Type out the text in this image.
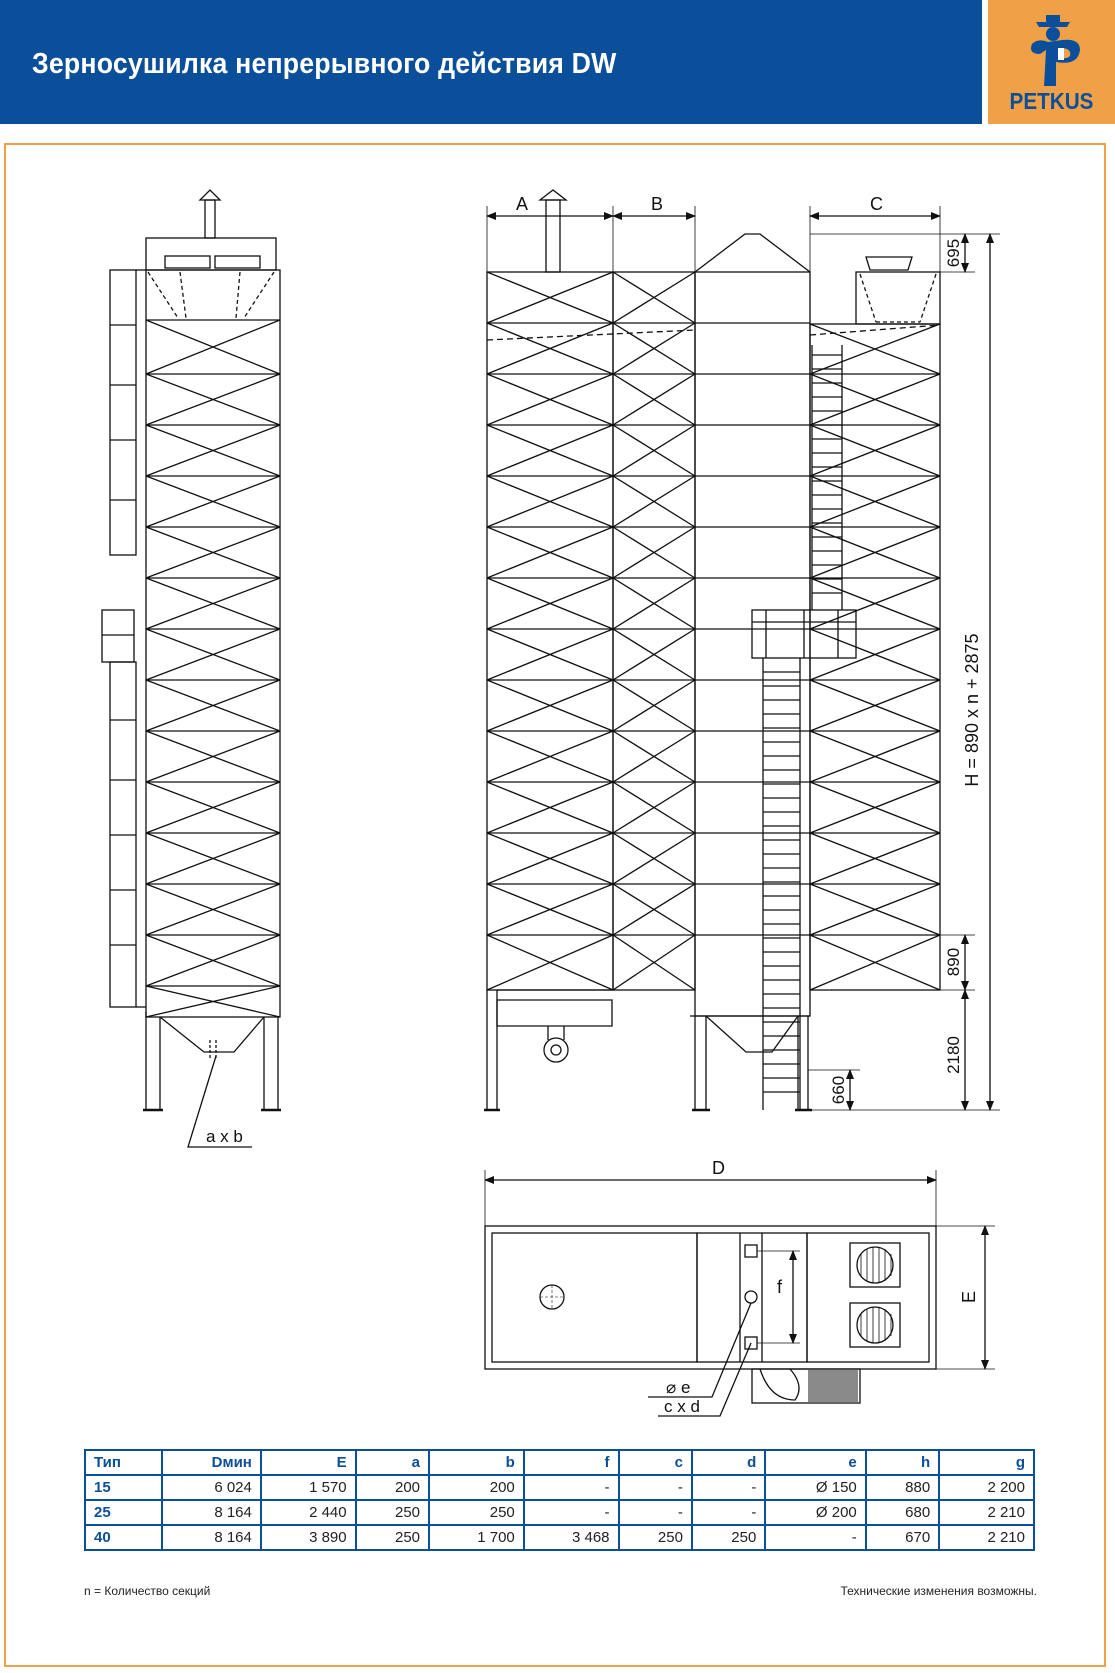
Зерносушилка непрерывного действия DW
PETKUS
a x b
A	B	C
H = 890 x n + 2875
695
890
2180
660
D
f	E
⌀ e
c x d
Тип	Dмин	E	a	b	f	c	d	e	h	g
15	6 024	1 570	200	200	-	-	-	Ø 150	880	2 200
25	8 164	2 440	250	250	-	-	-	Ø 200	680	2 210
40	8 164	3 890	250	1 700	3 468	250	250	-	670	2 210
n = Количество секций	Технические изменения возможны.
